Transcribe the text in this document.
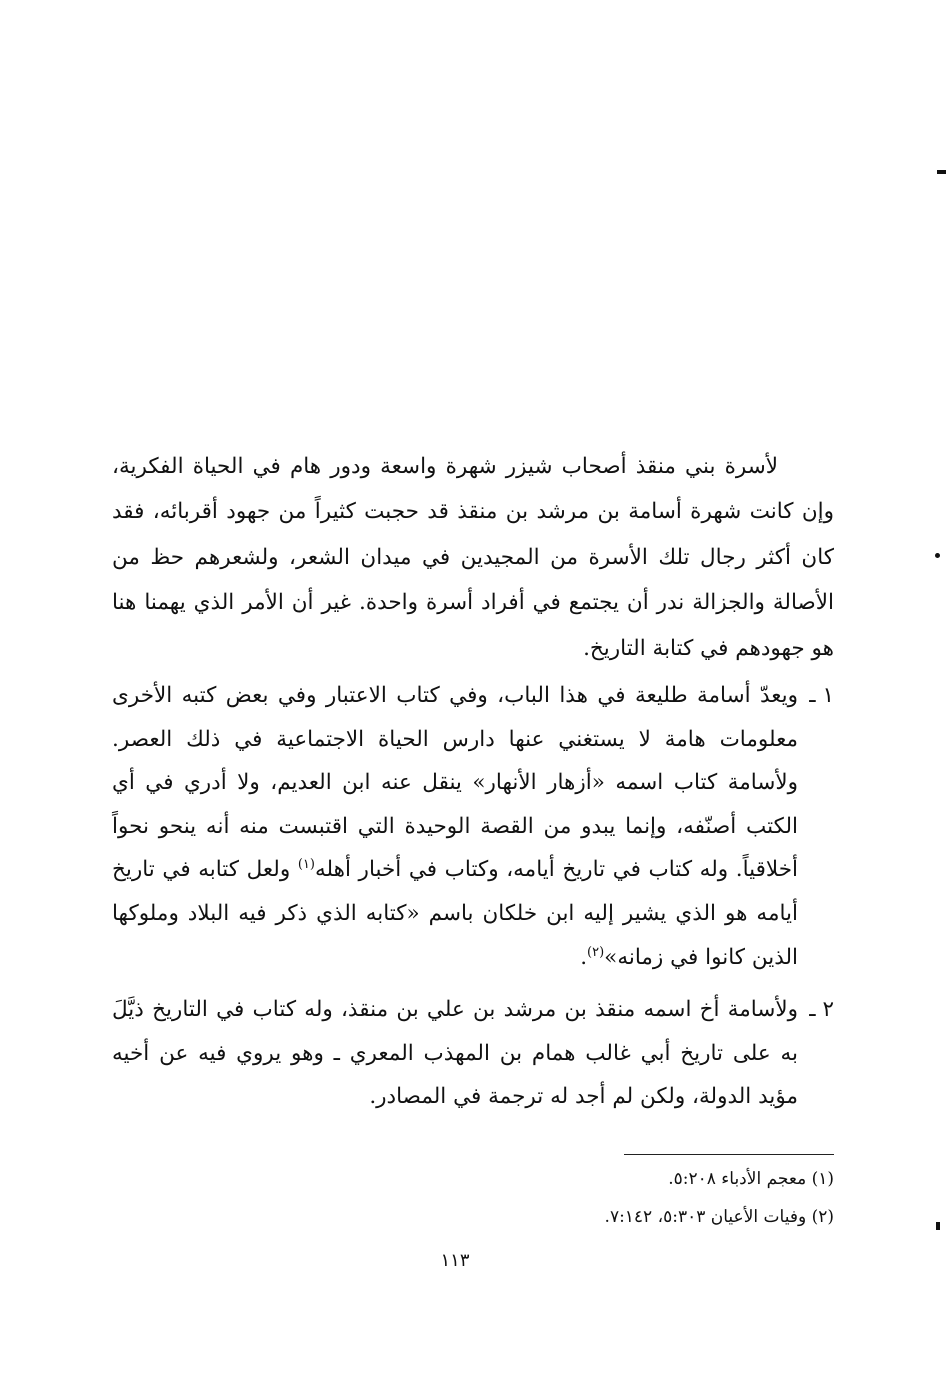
لأسرة بني منقذ أصحاب شيزر شهرة واسعة ودور هام في الحياة الفكرية، وإن كانت شهرة أسامة بن مرشد بن منقذ قد حجبت كثيراً من جهود أقربائه، فقد كان أكثر رجال تلك الأسرة من المجيدين في ميدان الشعر، ولشعرهم حظ من الأصالة والجزالة ندر أن يجتمع في أفراد أسرة واحدة. غير أن الأمر الذي يهمنا هنا هو جهودهم في كتابة التاريخ.
١ ـ
ويعدّ أسامة طليعة في هذا الباب، وفي كتاب الاعتبار وفي بعض كتبه الأخرى معلومات هامة لا يستغني عنها دارس الحياة الاجتماعية في ذلك العصر. ولأسامة كتاب اسمه «أزهار الأنهار» ينقل عنه ابن العديم، ولا أدري في أي الكتب أصنّفه، وإنما يبدو من القصة الوحيدة التي اقتبست منه أنه ينحو نحواً أخلاقياً. وله كتاب في تاريخ أيامه، وكتاب في أخبار أهله$^{(١)}$ ولعل كتابه في تاريخ أيامه هو الذي يشير إليه ابن خلكان باسم «كتابه الذي ذكر فيه البلاد وملوكها الذين كانوا في زمانه»$^{(٢)}$.
٢ ـ
ولأسامة أخ اسمه منقذ بن مرشد بن علي بن منقذ، وله كتاب في التاريخ ذيَّلَ به على تاريخ أبي غالب همام بن المهذب المعري ـ وهو يروي فيه عن أخيه مؤيد الدولة، ولكن لم أجد له ترجمة في المصادر.
(١) معجم الأدباء ٥:٢٠٨.
(٢) وفيات الأعيان ٥:٣٠٣، ٧:١٤٢.
١١٣
